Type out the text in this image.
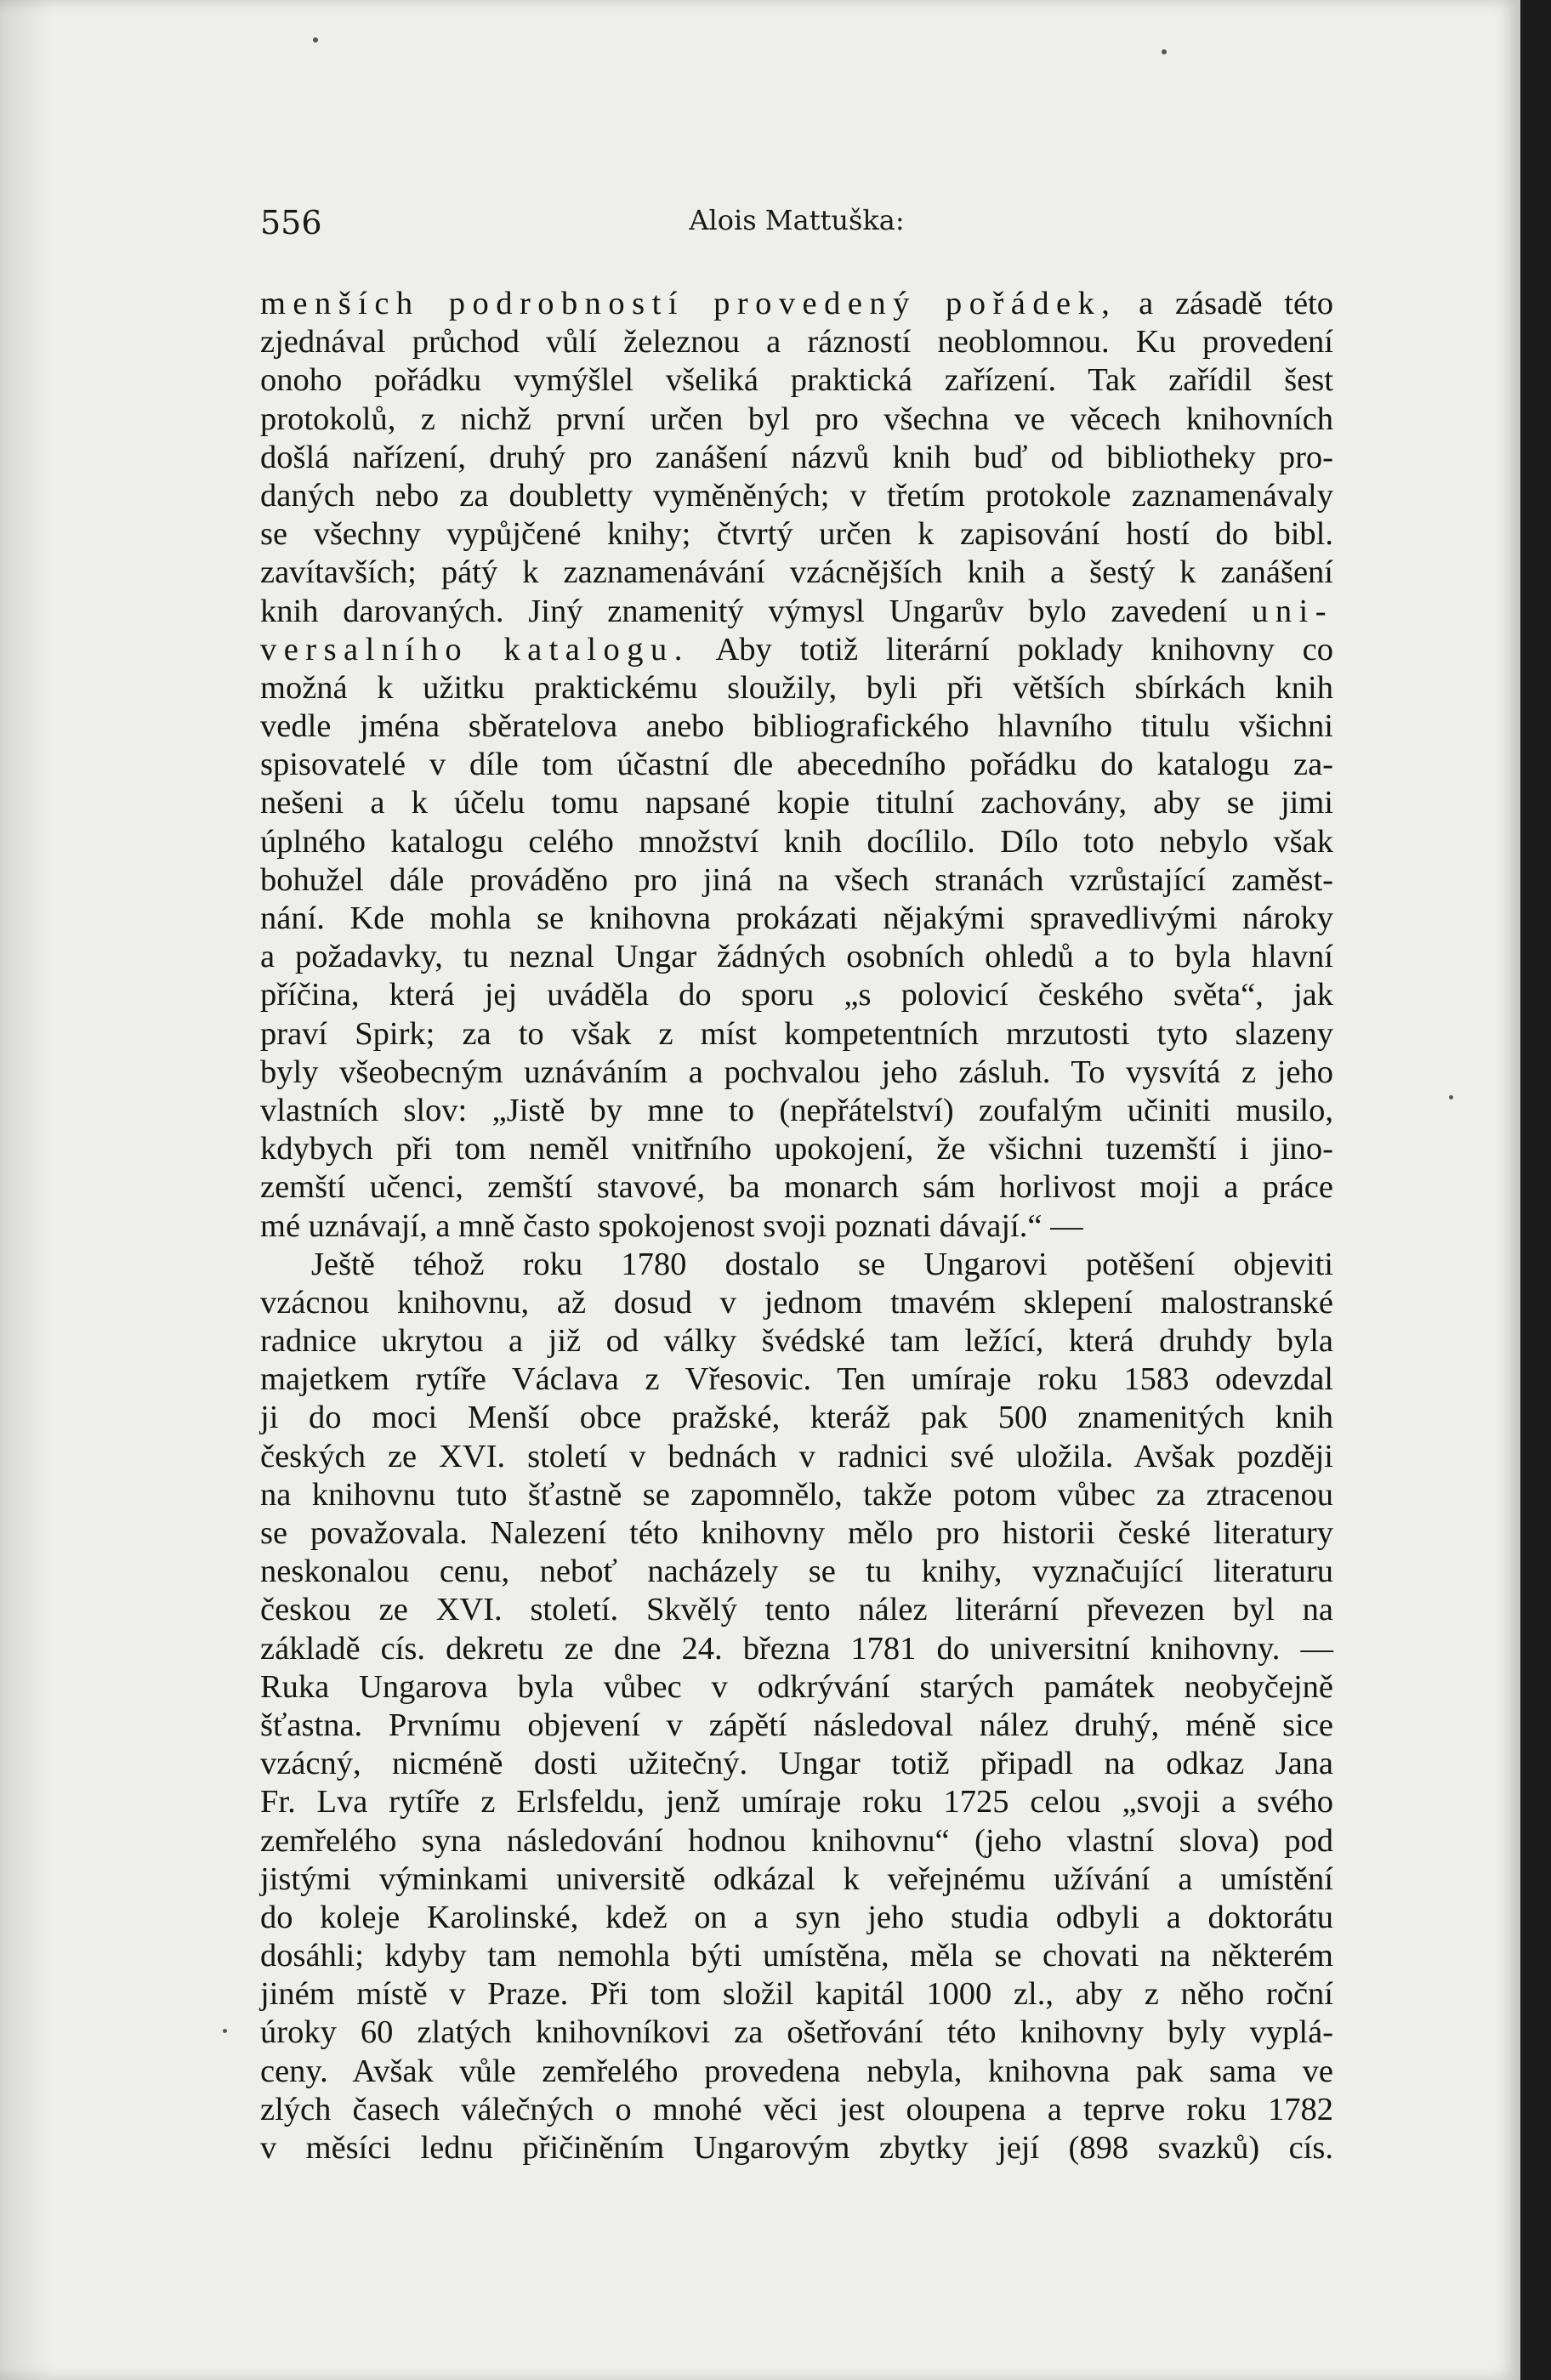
556	Alois Mattuška:
menších podrobností provedený pořádek, a zásadě této
zjednával průchod vůlí železnou a rázností neoblomnou. Ku provedení
onoho pořádku vymýšlel všeliká praktická zařízení. Tak zařídil šest
protokolů, z nichž první určen byl pro všechna ve věcech knihovních
došlá nařízení, druhý pro zanášení názvů knih buď od bibliotheky pro-
daných nebo za doubletty vyměněných; v třetím protokole zaznamenávaly
se všechny vypůjčené knihy; čtvrtý určen k zapisování hostí do bibl.
zavítavších; pátý k zaznamenávání vzácnějších knih a šestý k zanášení
knih darovaných. Jiný znamenitý výmysl Ungarův bylo zavedení uni-
versalního katalogu. Aby totiž literární poklady knihovny co
možná k užitku praktickému sloužily, byli při větších sbírkách knih
vedle jména sběratelova anebo bibliografického hlavního titulu všichni
spisovatelé v díle tom účastní dle abecedního pořádku do katalogu za-
nešeni a k účelu tomu napsané kopie titulní zachovány, aby se jimi
úplného katalogu celého množství knih docílilo. Dílo toto nebylo však
bohužel dále prováděno pro jiná na všech stranách vzrůstající zaměst-
nání. Kde mohla se knihovna prokázati nějakými spravedlivými nároky
a požadavky, tu neznal Ungar žádných osobních ohledů a to byla hlavní
příčina, která jej uváděla do sporu „s polovicí českého světa“, jak
praví Spirk; za to však z míst kompetentních mrzutosti tyto slazeny
byly všeobecným uznáváním a pochvalou jeho zásluh. To vysvítá z jeho
vlastních slov: „Jistě by mne to (nepřátelství) zoufalým učiniti musilo,
kdybych při tom neměl vnitřního upokojení, že všichni tuzemští i jino-
zemští učenci, zemští stavové, ba monarch sám horlivost moji a práce
mé uznávají, a mně často spokojenost svoji poznati dávají.“ —
Ještě téhož roku 1780 dostalo se Ungarovi potěšení objeviti
vzácnou knihovnu, až dosud v jednom tmavém sklepení malostranské
radnice ukrytou a již od války švédské tam ležící, která druhdy byla
majetkem rytíře Václava z Vřesovic. Ten umíraje roku 1583 odevzdal
ji do moci Menší obce pražské, kteráž pak 500 znamenitých knih
českých ze XVI. století v bednách v radnici své uložila. Avšak později
na knihovnu tuto šťastně se zapomnělo, takže potom vůbec za ztracenou
se považovala. Nalezení této knihovny mělo pro historii české literatury
neskonalou cenu, neboť nacházely se tu knihy, vyznačující literaturu
českou ze XVI. století. Skvělý tento nález literární převezen byl na
základě cís. dekretu ze dne 24. března 1781 do universitní knihovny. —
Ruka Ungarova byla vůbec v odkrývání starých památek neobyčejně
šťastna. Prvnímu objevení v zápětí následoval nález druhý, méně sice
vzácný, nicméně dosti užitečný. Ungar totiž připadl na odkaz Jana
Fr. Lva rytíře z Erlsfeldu, jenž umíraje roku 1725 celou „svoji a svého
zemřelého syna následování hodnou knihovnu“ (jeho vlastní slova) pod
jistými výminkami universitě odkázal k veřejnému užívání a umístění
do koleje Karolinské, kdež on a syn jeho studia odbyli a doktorátu
dosáhli; kdyby tam nemohla býti umístěna, měla se chovati na některém
jiném místě v Praze. Při tom složil kapitál 1000 zl., aby z něho roční
úroky 60 zlatých knihovníkovi za ošetřování této knihovny byly vyplá-
ceny. Avšak vůle zemřelého provedena nebyla, knihovna pak sama ve
zlých časech válečných o mnohé věci jest oloupena a teprve roku 1782
v měsíci lednu přičiněním Ungarovým zbytky její (898 svazků) cís.
